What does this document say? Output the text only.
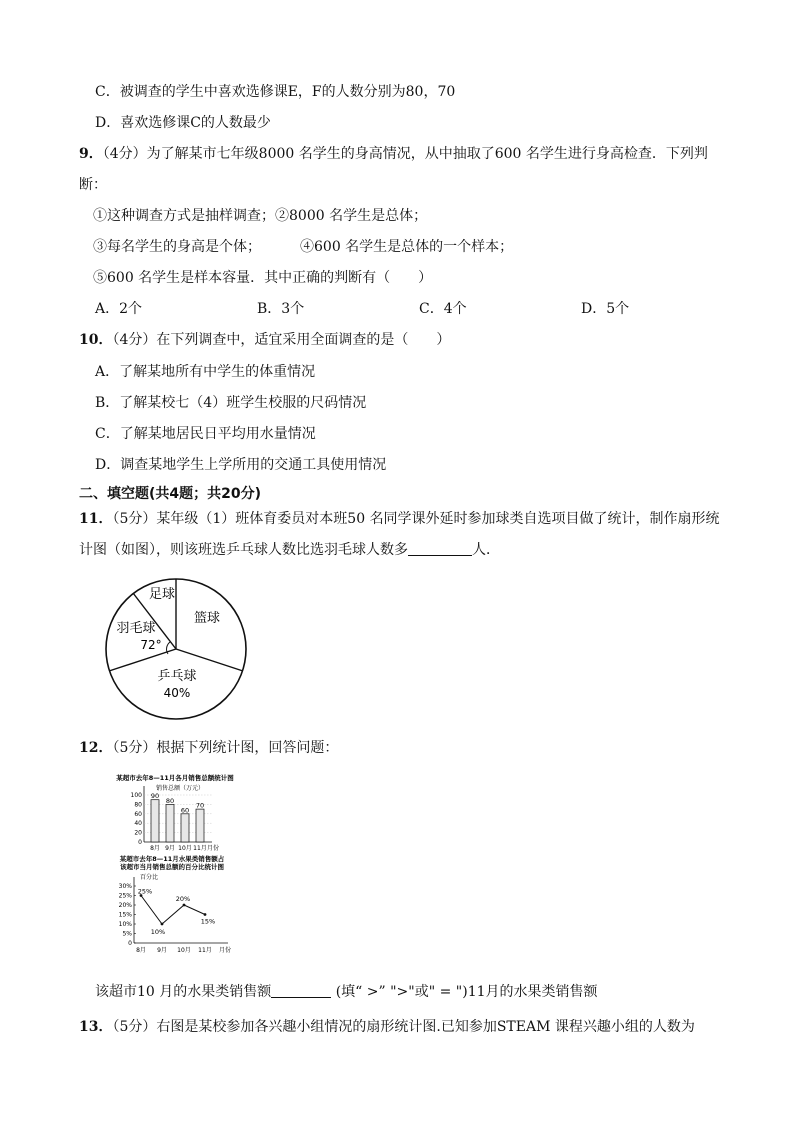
C．被调查的学生中喜欢选修课E，F的人数分别为80，70
D．喜欢选修课C的人数最少
9．（4分）为了解某市七年级8000 名学生的身高情况，从中抽取了600 名学生进行身高检查．下列判
断：
①这种调查方式是抽样调查；②8000 名学生是总体；
③每名学生的身高是个体；	④600 名学生是总体的一个样本；
⑤600 名学生是样本容量．其中正确的判断有（　　）
A．2个	B．3个	C．4个	D．5个
10．（4分）在下列调查中，适宜采用全面调查的是（　　）
A．了解某地所有中学生的体重情况
B．了解某校七（4）班学生校服的尺码情况
C．了解某地居民日平均用水量情况
D．调查某地学生上学所用的交通工具使用情况
二、填空题(共4题；共20分)
11．（5分）某年级（1）班体育委员对本班50 名同学课外延时参加球类自选项目做了统计，制作扇形统
计图（如图），则该班选乒乓球人数比选羽毛球人数多	人．
足球
篮球
羽毛球
72°
乒乓球
40%
12．（5分）根据下列统计图，回答问题：
某超市去年8—11月各月销售总额统计图
销售总额（万元）
100
80
60
40
20
0
90
80
60
70
8月 9月 10月 11月 月份
某超市去年8—11月水果类销售额占
该超市当月销售总额的百分比统计图
百分比
30%
25%
20%
15%
10%
5%
0
25%
10%
20%
15%
8月 9月 10月 11月 月份
该超市10 月的水果类销售额	(填“ >” ">"或" = ")11月的水果类销售额
13．（5分）右图是某校参加各兴趣小组情况的扇形统计图.已知参加STEAM 课程兴趣小组的人数为
